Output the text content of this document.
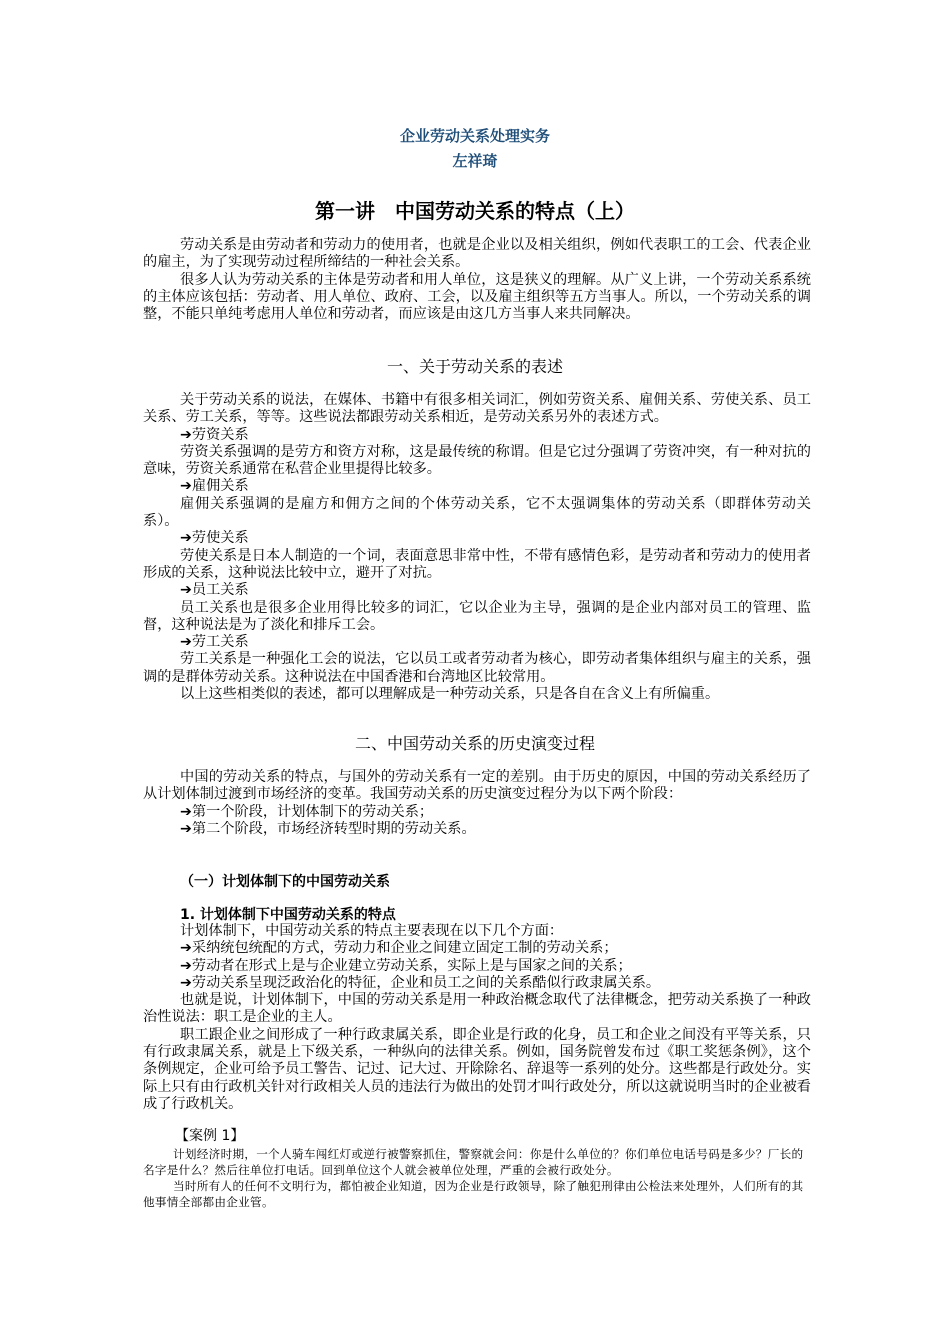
企业劳动关系处理实务
左祥琦
第一讲　中国劳动关系的特点（上）

劳动关系是由劳动者和劳动力的使用者，也就是企业以及相关组织，例如代表职工的工会、代表企业的雇主，为了实现劳动过程所缔结的一种社会关系。

很多人认为劳动关系的主体是劳动者和用人单位，这是狭义的理解。从广义上讲，一个劳动关系系统的主体应该包括：劳动者、用人单位、政府、工会，以及雇主组织等五方当事人。所以，一个劳动关系的调整，不能只单纯考虑用人单位和劳动者，而应该是由这几方当事人来共同解决。

一、关于劳动关系的表述

关于劳动关系的说法，在媒体、书籍中有很多相关词汇，例如劳资关系、雇佣关系、劳使关系、员工关系、劳工关系，等等。这些说法都跟劳动关系相近，是劳动关系另外的表述方式。

➔劳资关系

劳资关系强调的是劳方和资方对称，这是最传统的称谓。但是它过分强调了劳资冲突，有一种对抗的意味，劳资关系通常在私营企业里提得比较多。

➔雇佣关系

雇佣关系强调的是雇方和佣方之间的个体劳动关系，它不太强调集体的劳动关系（即群体劳动关系）。

➔劳使关系

劳使关系是日本人制造的一个词，表面意思非常中性，不带有感情色彩，是劳动者和劳动力的使用者形成的关系，这种说法比较中立，避开了对抗。

➔员工关系

员工关系也是很多企业用得比较多的词汇，它以企业为主导，强调的是企业内部对员工的管理、监督，这种说法是为了淡化和排斥工会。

➔劳工关系

劳工关系是一种强化工会的说法，它以员工或者劳动者为核心，即劳动者集体组织与雇主的关系，强调的是群体劳动关系。这种说法在中国香港和台湾地区比较常用。

以上这些相类似的表述，都可以理解成是一种劳动关系，只是各自在含义上有所偏重。

二、中国劳动关系的历史演变过程

中国的劳动关系的特点，与国外的劳动关系有一定的差别。由于历史的原因，中国的劳动关系经历了从计划体制过渡到市场经济的变革。我国劳动关系的历史演变过程分为以下两个阶段：

➔第一个阶段，计划体制下的劳动关系；

➔第二个阶段，市场经济转型时期的劳动关系。

（一）计划体制下的中国劳动关系
1. 计划体制下中国劳动关系的特点

计划体制下，中国劳动关系的特点主要表现在以下几个方面：

➔采纳统包统配的方式，劳动力和企业之间建立固定工制的劳动关系；

➔劳动者在形式上是与企业建立劳动关系，实际上是与国家之间的关系；

➔劳动关系呈现泛政治化的特征，企业和员工之间的关系酷似行政隶属关系。

也就是说，计划体制下，中国的劳动关系是用一种政治概念取代了法律概念，把劳动关系换了一种政治性说法：职工是企业的主人。

职工跟企业之间形成了一种行政隶属关系，即企业是行政的化身，员工和企业之间没有平等关系，只有行政隶属关系，就是上下级关系，一种纵向的法律关系。例如，国务院曾发布过《职工奖惩条例》，这个条例规定，企业可给予员工警告、记过、记大过、开除除名、辞退等一系列的处分。这些都是行政处分。实际上只有由行政机关针对行政相关人员的违法行为做出的处罚才叫行政处分，所以这就说明当时的企业被看成了行政机关。

【案例 1】

计划经济时期，一个人骑车闯红灯或逆行被警察抓住，警察就会问：你是什么单位的？你们单位电话号码是多少？厂长的名字是什么？然后往单位打电话。回到单位这个人就会被单位处理，严重的会被行政处分。

当时所有人的任何不文明行为，都怕被企业知道，因为企业是行政领导，除了触犯刑律由公检法来处理外，人们所有的其他事情全部都由企业管。
